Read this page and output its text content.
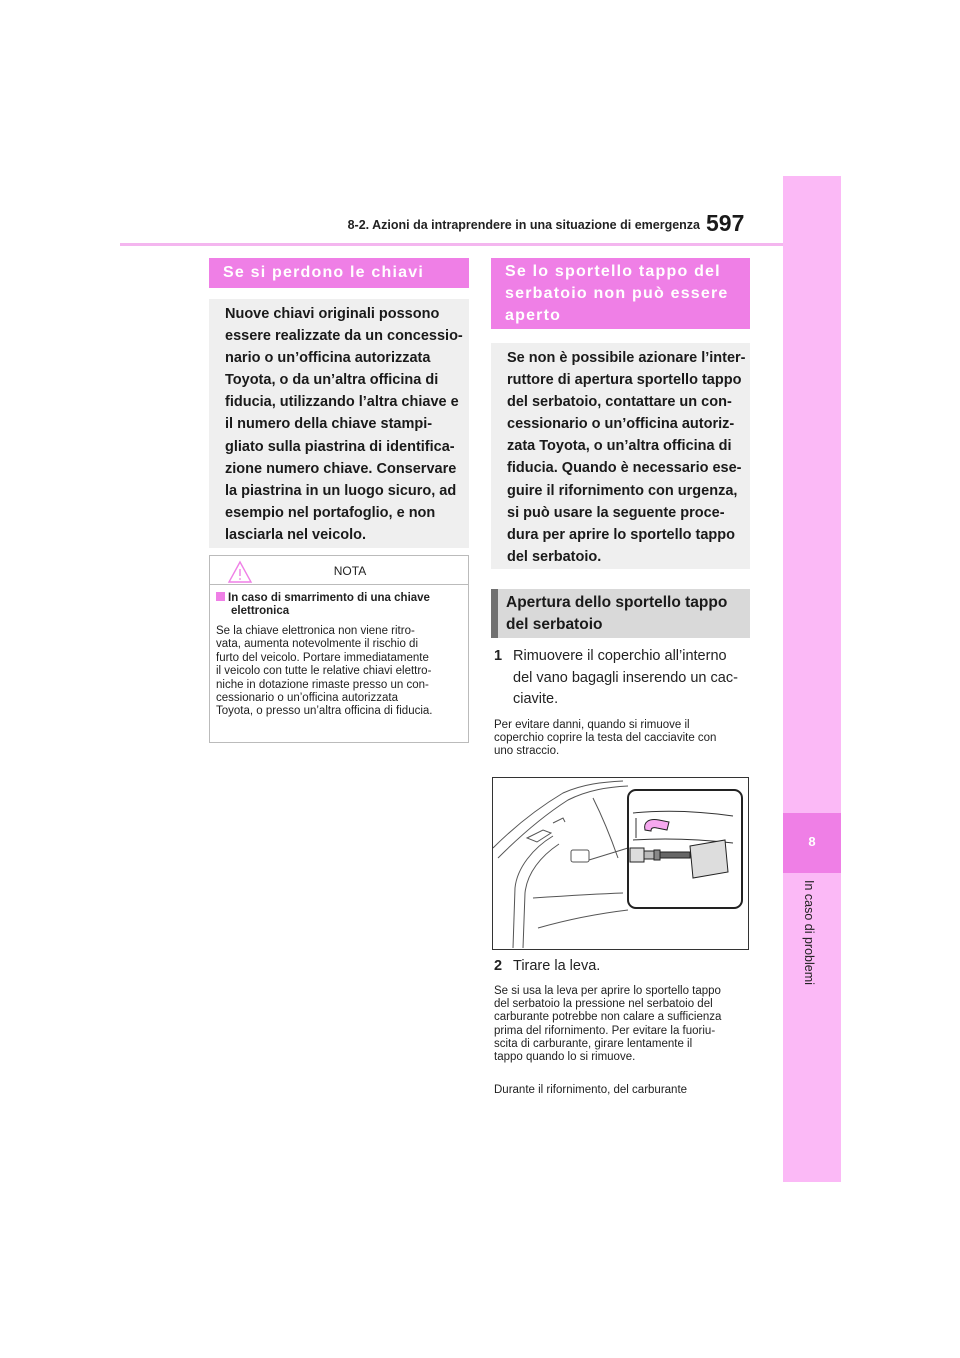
8-2. Azioni da intraprendere in una situazione di emergenza 597
8
In caso di problemi
Se si perdono le chiavi

Nuove chiavi originali possono

essere realizzate da un concessio-

nario o un’officina autorizzata

Toyota, o da un’altra officina di

fiducia, utilizzando l’altra chiave e

il numero della chiave stampi-

gliato sulla piastrina di identifica-

zione numero chiave. Conservare

la piastrina in un luogo sicuro, ad

esempio nel portafoglio, e non

lasciarla nel veicolo.

NOTA
In caso di smarrimento di una chiave
elettronica
Se la chiave elettronica non viene ritro-
vata, aumenta notevolmente il rischio di
furto del veicolo. Portare immediatamente
il veicolo con tutte le relative chiavi elettro-
niche in dotazione rimaste presso un con-
cessionario o un’officina autorizzata
Toyota, o presso un’altra officina di fiducia.
Se lo sportello tappo del
serbatoio non può essere
aperto

Se non è possibile azionare l’inter-

ruttore di apertura sportello tappo

del serbatoio, contattare un con-

cessionario o un’officina autoriz-

zata Toyota, o un’altra officina di

fiducia. Quando è necessario ese-

guire il rifornimento con urgenza,

si può usare la seguente proce-

dura per aprire lo sportello tappo

del serbatoio.

Apertura dello sportello tappo
del serbatoio
1 Rimuovere il coperchio all’interno
del vano bagagli inserendo un cac-
ciavite.
Per evitare danni, quando si rimuove il
coperchio coprire la testa del cacciavite con
uno straccio.
2 Tirare la leva.
Se si usa la leva per aprire lo sportello tappo
del serbatoio la pressione nel serbatoio del
carburante potrebbe non calare a sufficienza
prima del rifornimento. Per evitare la fuoriu-
scita di carburante, girare lentamente il
tappo quando lo si rimuove.
Durante il rifornimento, del carburante
